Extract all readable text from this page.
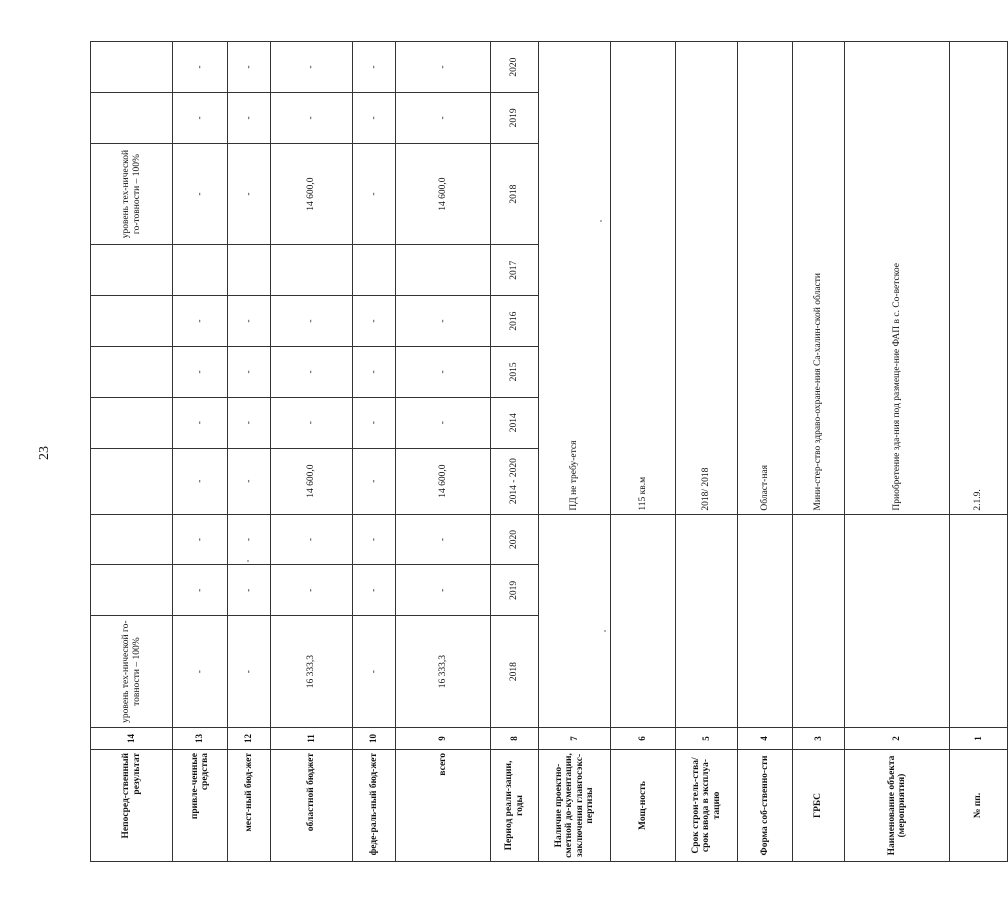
23
Непосред-ственный результат	14	уровень тех-нической го-товности – 100%								уровень тех-нической го-товности – 100%		
привле-ченные средства	13	-	-	-	-	-	-	-		-	-	-
мест-ный бюд-жет	12	-	-	-	-	-	-	-		-	-	-
областной бюджет	11	16 333,3	-	-	14 600,0	-	-	-		14 600,0	-	-
феде-раль-ный бюд-жет	10	-	-	-	-	-	-	-		-	-	-
всего	9	16 333,3	-	-	14 600,0	-	-	-		14 600,0	-	-
Период реали-зации, годы	8	2018	2019	2020	2014 - 2020	2014	2015	2016	2017	2018	2019	2020
Наличие проектно-сметной до-кументации, заключения главгосэкс-пертизы	7				ПД не требу-ется							
Мощ-ность	6				115 кв.м							
Срок строи-тель-ства/срок ввода в эксплуа-тацию	5				2018/ 2018							
Форма соб-ственно-сти	4				Област-ная							
ГРБС	3				Мини-стер-ство здраво-охране-ния Са-халин-ской области							
Наименование объекта (мероприятия)	2				Приобретение зда-ния под размеще-ние ФАП в с. Со-ветское							
№ пп.	1				2.1.9.							
